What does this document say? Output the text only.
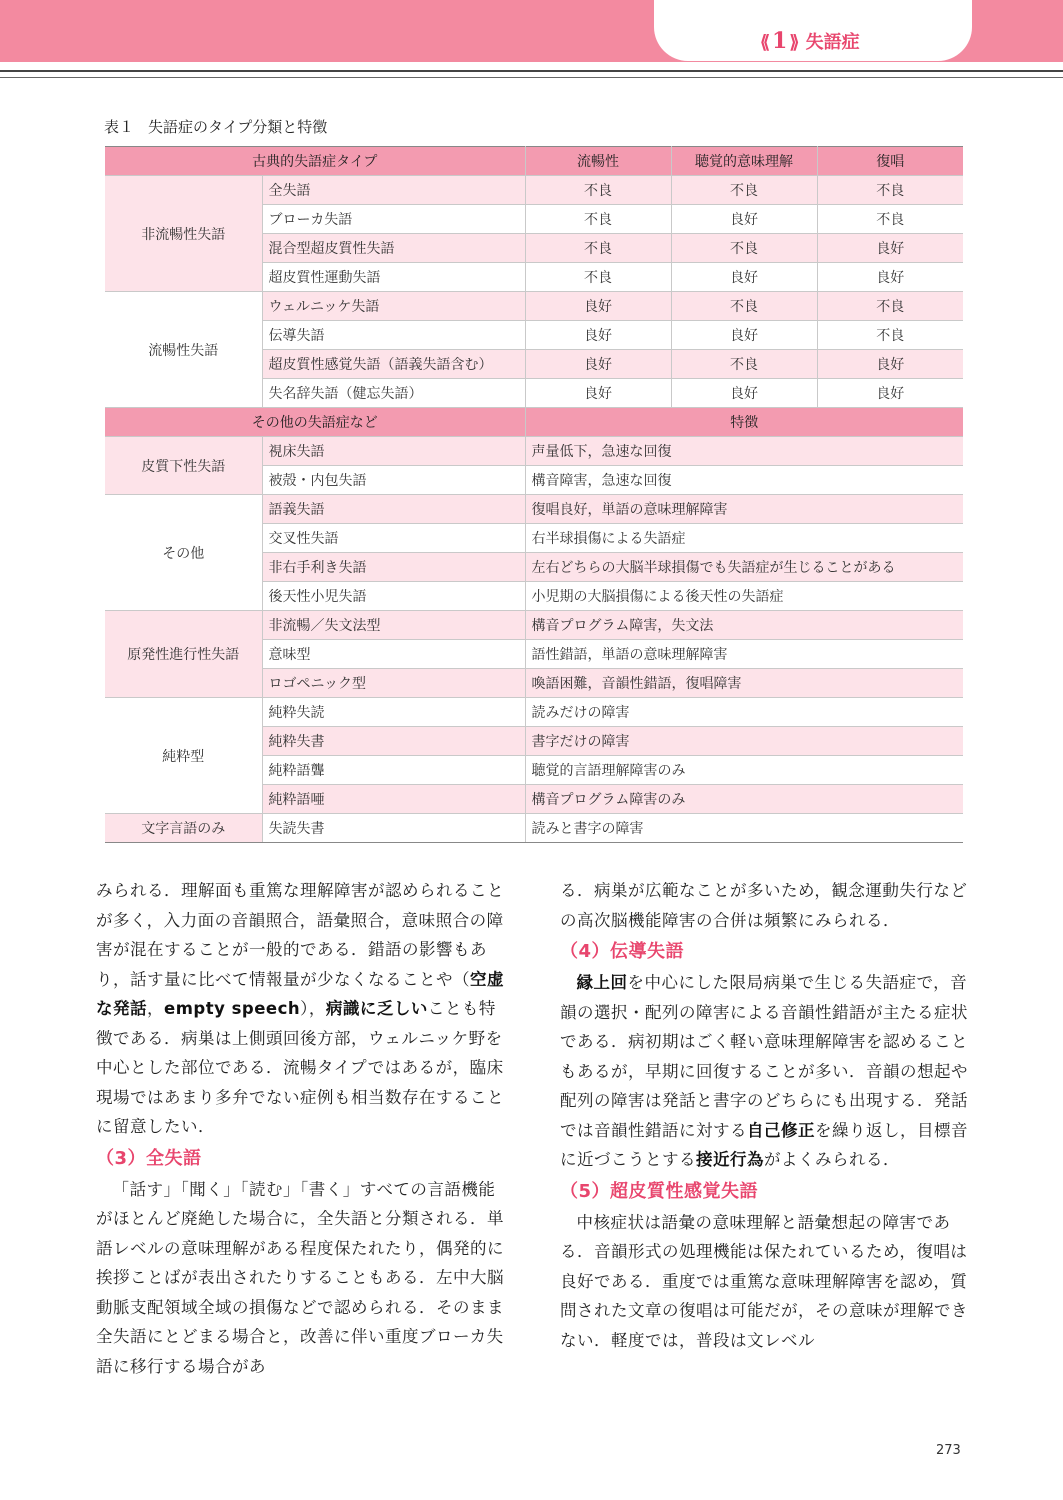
⟪1 ⟫ 失語症
表１ 失語症のタイプ分類と特徴
古典的失語症タイプ		流暢性	聴覚的意味理解	復唱
非流暢性失語	全失語	不良	不良	不良
	ブローカ失語	不良	良好	不良
	混合型超皮質性失語	不良	不良	良好
	超皮質性運動失語	不良	良好	良好
流暢性失語	ウェルニッケ失語	良好	不良	不良
	伝導失語	良好	良好	不良
	超皮質性感覚失語（語義失語含む）	良好	不良	良好
	失名辞失語（健忘失語）	良好	良好	良好
その他の失語症など		特徴		
皮質下性失語	視床失語	声量低下，急速な回復		
	被殻・内包失語	構音障害，急速な回復		
その他	語義失語	復唱良好，単語の意味理解障害		
	交叉性失語	右半球損傷による失語症		
	非右手利き失語	左右どちらの大脳半球損傷でも失語症が生じることがある		
	後天性小児失語	小児期の大脳損傷による後天性の失語症		
原発性進行性失語	非流暢／失文法型	構音プログラム障害，失文法		
	意味型	語性錯語，単語の意味理解障害		
	ロゴペニック型	喚語困難，音韻性錯語，復唱障害		
純粋型	純粋失読	読みだけの障害		
	純粋失書	書字だけの障害		
	純粋語聾	聴覚的言語理解障害のみ		
	純粋語唖	構音プログラム障害のみ		
文字言語のみ	失読失書	読みと書字の障害		

みられる．理解面も重篤な理解障害が認められることが多く，入力面の音韻照合，語彙照合，意味照合の障害が混在することが一般的である．錯語の影響もあり，話す量に比べて情報量が少なくなることや（空虚な発話，empty speech），病識に乏しいことも特徴である．病巣は上側頭回後方部，ウェルニッケ野を中心とした部位である．流暢タイプではあるが，臨床現場ではあまり多弁でない症例も相当数存在することに留意したい．

（3）全失語

「話す」「聞く」「読む」「書く」すべての言語機能がほとんど廃絶した場合に，全失語と分類される．単語レベルの意味理解がある程度保たれたり，偶発的に挨拶ことばが表出されたりすることもある．左中大脳動脈支配領域全域の損傷などで認められる．そのまま全失語にとどまる場合と，改善に伴い重度ブローカ失語に移行する場合があ

る．病巣が広範なことが多いため，観念運動失行などの高次脳機能障害の合併は頻繁にみられる．

（4）伝導失語

縁上回を中心にした限局病巣で生じる失語症で，音韻の選択・配列の障害による音韻性錯語が主たる症状である．病初期はごく軽い意味理解障害を認めることもあるが，早期に回復することが多い．音韻の想起や配列の障害は発話と書字のどちらにも出現する．発話では音韻性錯語に対する自己修正を繰り返し，目標音に近づこうとする接近行為がよくみられる．

（5）超皮質性感覚失語

中核症状は語彙の意味理解と語彙想起の障害である．音韻形式の処理機能は保たれているため，復唱は良好である．重度では重篤な意味理解障害を認め，質問された文章の復唱は可能だが，その意味が理解できない．軽度では，普段は文レベル

273
